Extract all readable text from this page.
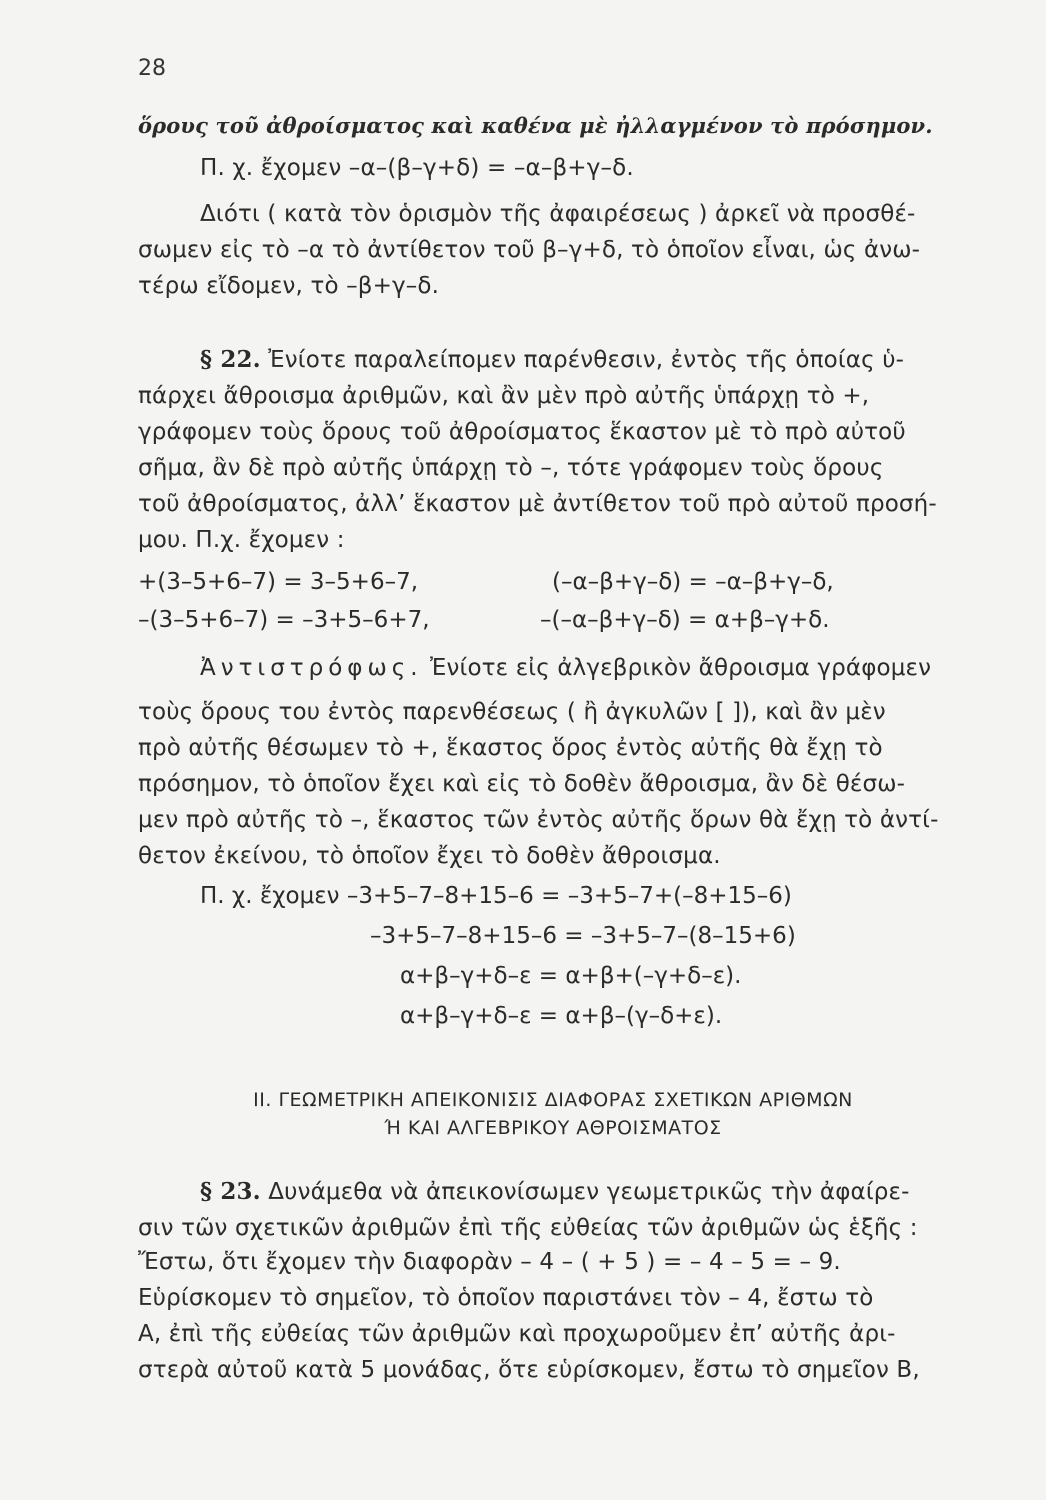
28
ὅρους τοῦ ἀθροίσματος καὶ καθένα μὲ ἠλλαγμένον τὸ πρόσημον.
Π. χ. ἔχομεν –α–(β–γ+δ) = –α–β+γ–δ.
Διότι ( κατὰ τὸν ὁρισμὸν τῆς ἀφαιρέσεως ) ἀρκεῖ νὰ προσθέ-
σωμεν εἰς τὸ –α τὸ ἀντίθετον τοῦ β–γ+δ, τὸ ὁποῖον εἶναι, ὡς ἀνω-
τέρω εἴδομεν, τὸ –β+γ–δ.
§ 22. Ἐνίοτε παραλείπομεν παρένθεσιν, ἐντὸς τῆς ὁποίας ὑ-
πάρχει ἄθροισμα ἀριθμῶν, καὶ ἂν μὲν πρὸ αὐτῆς ὑπάρχῃ τὸ +,
γράφομεν τοὺς ὅρους τοῦ ἀθροίσματος ἕκαστον μὲ τὸ πρὸ αὐτοῦ
σῆμα, ἂν δὲ πρὸ αὐτῆς ὑπάρχῃ τὸ –, τότε γράφομεν τοὺς ὅρους
τοῦ ἀθροίσματος, ἀλλ’ ἕκαστον μὲ ἀντίθετον τοῦ πρὸ αὐτοῦ προσή-
μου. Π.χ. ἔχομεν :
+(3–5+6–7) = 3–5+6–7,
–(3–5+6–7) = –3+5–6+7,
(–α–β+γ–δ) = –α–β+γ–δ,
–(–α–β+γ–δ) = α+β–γ+δ.
Ἀντιστρόφως. Ἐνίοτε εἰς ἀλγεβρικὸν ἄθροισμα γράφομεν
τοὺς ὅρους του ἐντὸς παρενθέσεως ( ἢ ἀγκυλῶν [ ]), καὶ ἂν μὲν
πρὸ αὐτῆς θέσωμεν τὸ +, ἕκαστος ὅρος ἐντὸς αὐτῆς θὰ ἔχῃ τὸ
πρόσημον, τὸ ὁποῖον ἔχει καὶ εἰς τὸ δοθὲν ἄθροισμα, ἂν δὲ θέσω-
μεν πρὸ αὐτῆς τὸ –, ἕκαστος τῶν ἐντὸς αὐτῆς ὅρων θὰ ἔχῃ τὸ ἀντί-
θετον ἐκείνου, τὸ ὁποῖον ἔχει τὸ δοθὲν ἄθροισμα.
Π. χ. ἔχομεν –3+5–7–8+15–6 = –3+5–7+(–8+15–6)
–3+5–7–8+15–6 = –3+5–7–(8–15+6)
α+β–γ+δ–ε = α+β+(–γ+δ–ε).
α+β–γ+δ–ε = α+β–(γ–δ+ε).
ΙΙ. ΓΕΩΜΕΤΡΙΚΗ ΑΠΕΙΚΟΝΙΣΙΣ ΔΙΑΦΟΡΑΣ ΣΧΕΤΙΚΩΝ ΑΡΙΘΜΩΝ
Ή ΚΑΙ ΑΛΓΕΒΡΙΚΟΥ ΑΘΡΟΙΣΜΑΤΟΣ
§ 23. Δυνάμεθα νὰ ἀπεικονίσωμεν γεωμετρικῶς τὴν ἀφαίρε-
σιν τῶν σχετικῶν ἀριθμῶν ἐπὶ τῆς εὐθείας τῶν ἀριθμῶν ὡς ἑξῆς :
Ἔστω, ὅτι ἔχομεν τὴν διαφορὰν – 4 – ( + 5 ) = – 4 – 5 = – 9.
Εὑρίσκομεν τὸ σημεῖον, τὸ ὁποῖον παριστάνει τὸν – 4, ἔστω τὸ
Α, ἐπὶ τῆς εὐθείας τῶν ἀριθμῶν καὶ προχωροῦμεν ἐπ’ αὐτῆς ἀρι-
στερὰ αὐτοῦ κατὰ 5 μονάδας, ὅτε εὑρίσκομεν, ἔστω τὸ σημεῖον Β,
